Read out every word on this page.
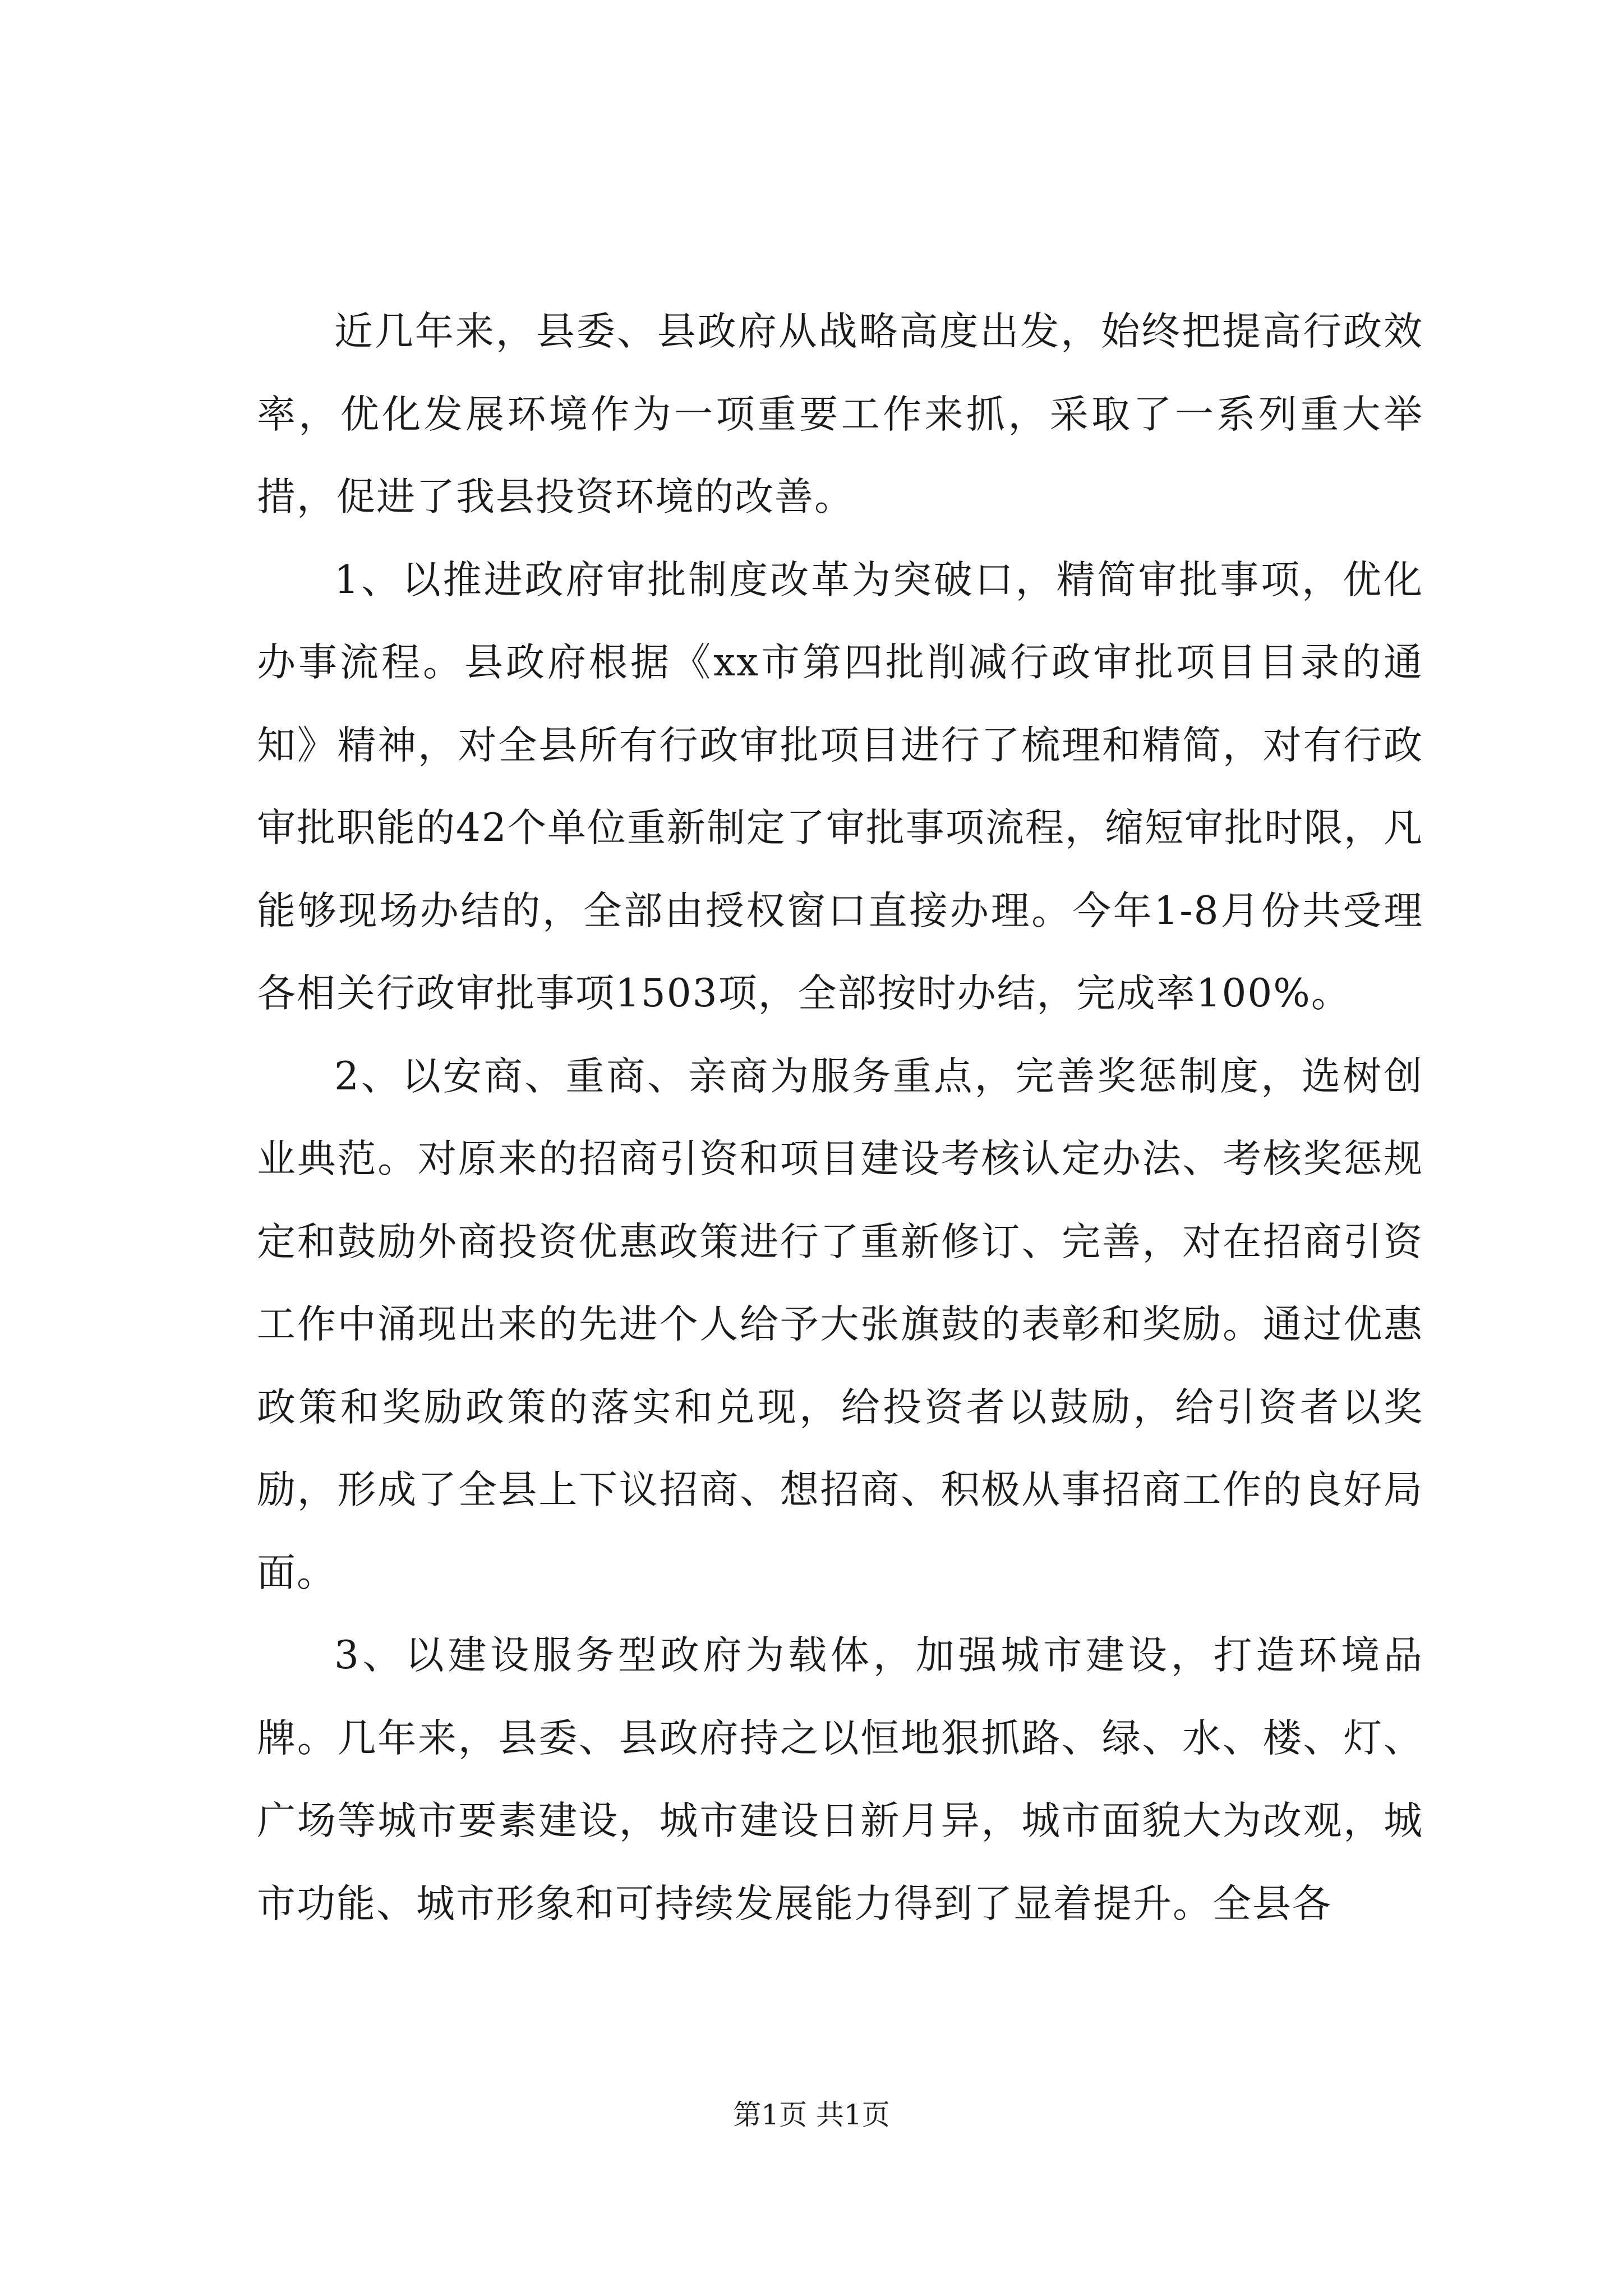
近几年来，县委、县政府从战略高度出发，始终把提高行政效率，优化发展环境作为一项重要工作来抓，采取了一系列重大举措，促进了我县投资环境的改善。

1、以推进政府审批制度改革为突破口，精简审批事项，优化办事流程。县政府根据《xx市第四批削减行政审批项目目录的通知》精神，对全县所有行政审批项目进行了梳理和精简，对有行政审批职能的42个单位重新制定了审批事项流程，缩短审批时限，凡能够现场办结的，全部由授权窗口直接办理。今年1-8月份共受理各相关行政审批事项1503项，全部按时办结，完成率100%。

2、以安商、重商、亲商为服务重点，完善奖惩制度，选树创业典范。对原来的招商引资和项目建设考核认定办法、考核奖惩规定和鼓励外商投资优惠政策进行了重新修订、完善，对在招商引资工作中涌现出来的先进个人给予大张旗鼓的表彰和奖励。通过优惠政策和奖励政策的落实和兑现，给投资者以鼓励，给引资者以奖励，形成了全县上下议招商、想招商、积极从事招商工作的良好局面。

3、以建设服务型政府为载体，加强城市建设，打造环境品牌。几年来，县委、县政府持之以恒地狠抓路、绿、水、楼、灯、广场等城市要素建设，城市建设日新月异，城市面貌大为改观，城市功能、城市形象和可持续发展能力得到了显着提升。全县各

第1页 共1页
